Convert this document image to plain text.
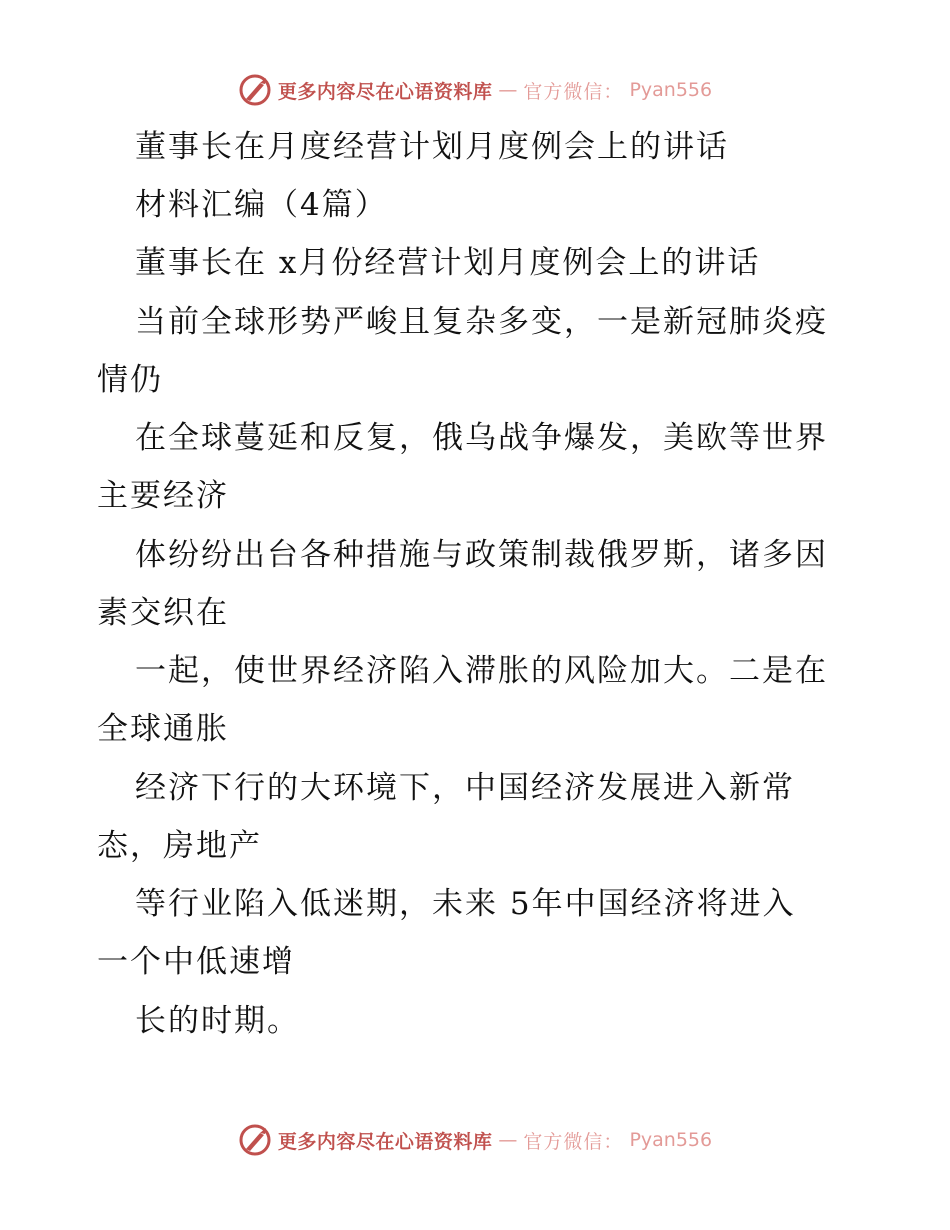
更多内容尽在心语资料库 — 官方微信： Pyan556
董事长在月度经营计划月度例会上的讲话
材料汇编（4篇）
董事长在 x月份经营计划月度例会上的讲话
当前全球形势严峻且复杂多变，一是新冠肺炎疫
情仍
在全球蔓延和反复，俄乌战争爆发，美欧等世界
主要经济
体纷纷出台各种措施与政策制裁俄罗斯，诸多因
素交织在
一起，使世界经济陷入滞胀的风险加大。二是在
全球通胀
经济下行的大环境下，中国经济发展进入新常
态，房地产
等行业陷入低迷期，未来 5年中国经济将进入
一个中低速增
长的时期。
更多内容尽在心语资料库 — 官方微信： Pyan556
